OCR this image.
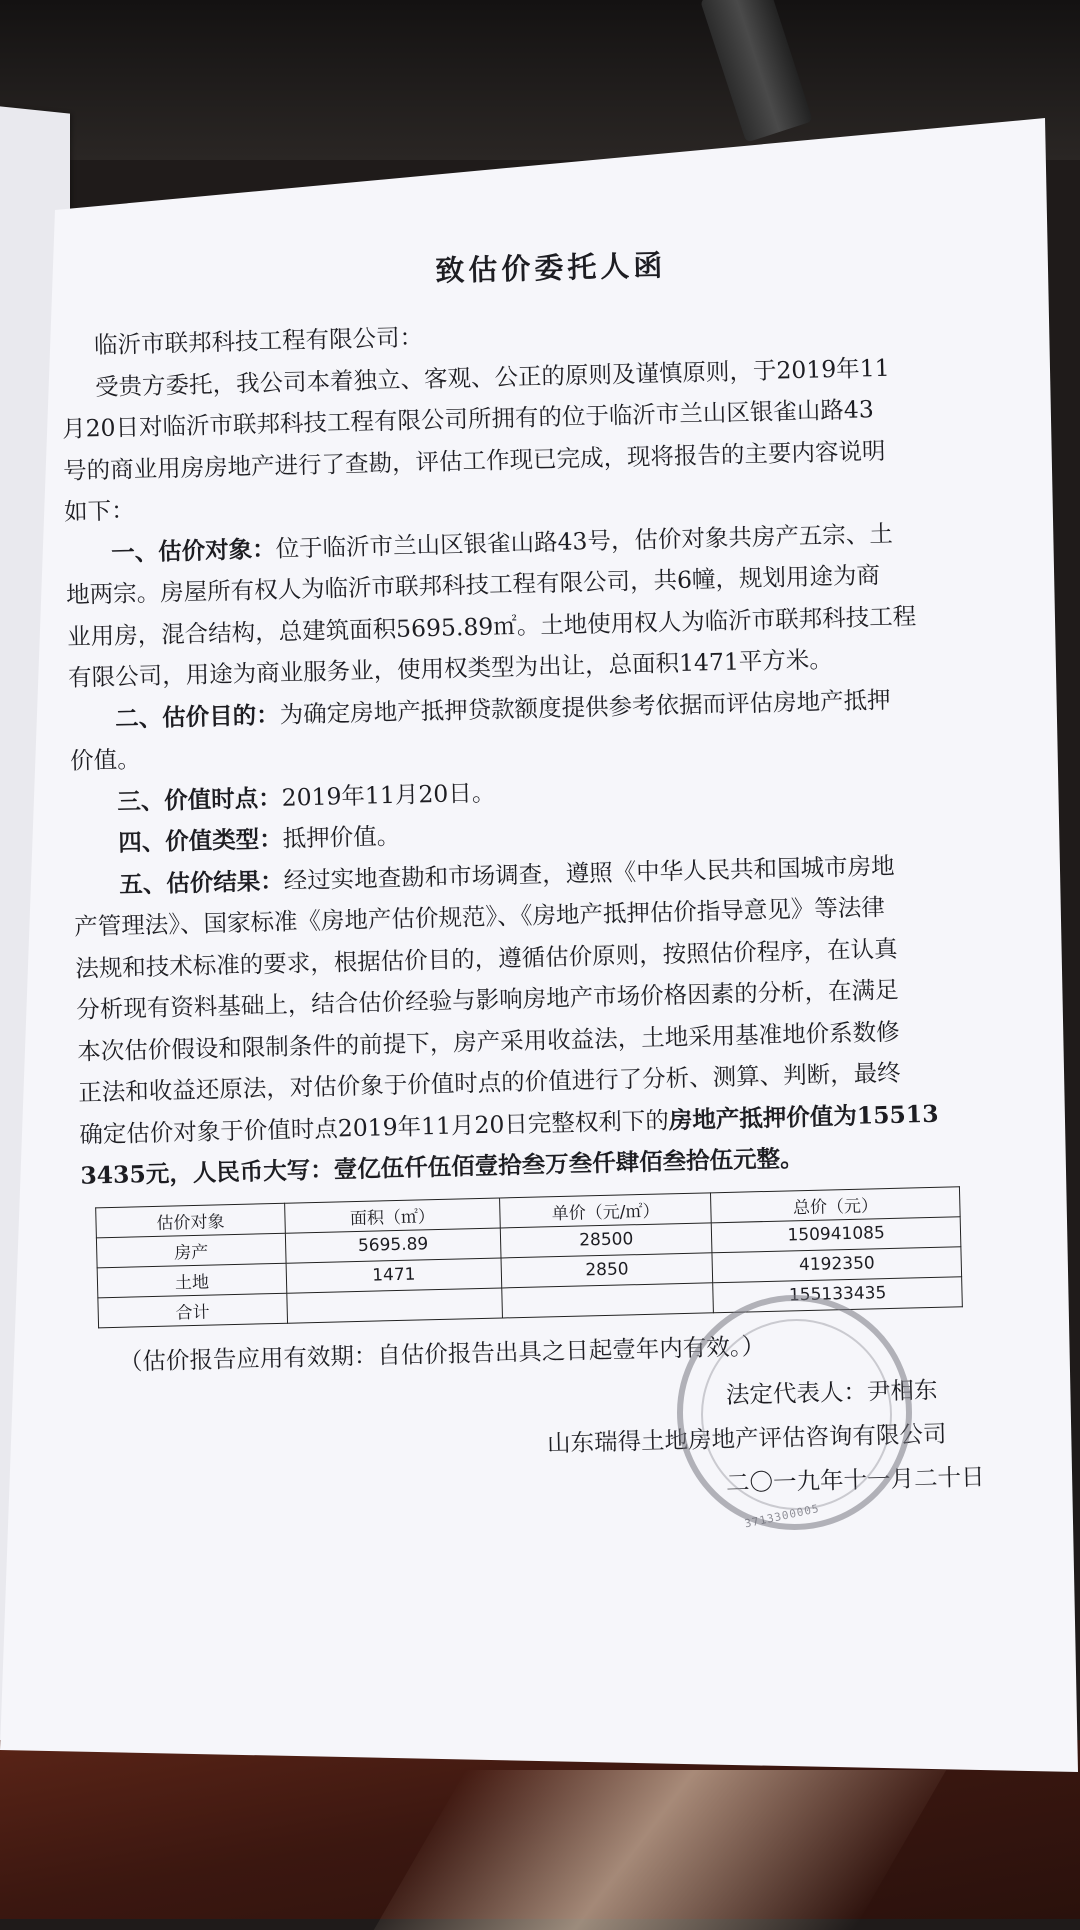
致估价委托人函
临沂市联邦科技工程有限公司：
受贵方委托，我公司本着独立、客观、公正的原则及谨慎原则，于2019年11
月20日对临沂市联邦科技工程有限公司所拥有的位于临沂市兰山区银雀山路43
号的商业用房房地产进行了查勘，评估工作现已完成，现将报告的主要内容说明
如下：
一、估价对象：位于临沂市兰山区银雀山路43号，估价对象共房产五宗、土
地两宗。房屋所有权人为临沂市联邦科技工程有限公司，共6幢，规划用途为商
业用房，混合结构，总建筑面积5695.89㎡。土地使用权人为临沂市联邦科技工程
有限公司，用途为商业服务业，使用权类型为出让，总面积1471平方米。
二、估价目的：为确定房地产抵押贷款额度提供参考依据而评估房地产抵押
价值。
三、价值时点：2019年11月20日。
四、价值类型：抵押价值。
五、估价结果：经过实地查勘和市场调查，遵照《中华人民共和国城市房地
产管理法》、国家标准《房地产估价规范》、《房地产抵押估价指导意见》等法律
法规和技术标准的要求，根据估价目的，遵循估价原则，按照估价程序，在认真
分析现有资料基础上，结合估价经验与影响房地产市场价格因素的分析，在满足
本次估价假设和限制条件的前提下，房产采用收益法，土地采用基准地价系数修
正法和收益还原法，对估价象于价值时点的价值进行了分析、测算、判断，最终
确定估价对象于价值时点2019年11月20日完整权利下的房地产抵押价值为15513
3435元，人民币大写：壹亿伍仟伍佰壹拾叁万叁仟肆佰叁拾伍元整。
估价对象	面积（㎡）	单价（元/㎡）	总价（元）
房产	5695.89	28500	150941085
土地	1471	2850	4192350
合计			155133435
（估价报告应用有效期：自估价报告出具之日起壹年内有效。）
法定代表人：尹相东
山东瑞得土地房地产评估咨询有限公司
二〇一九年十一月二十日
3713300005
